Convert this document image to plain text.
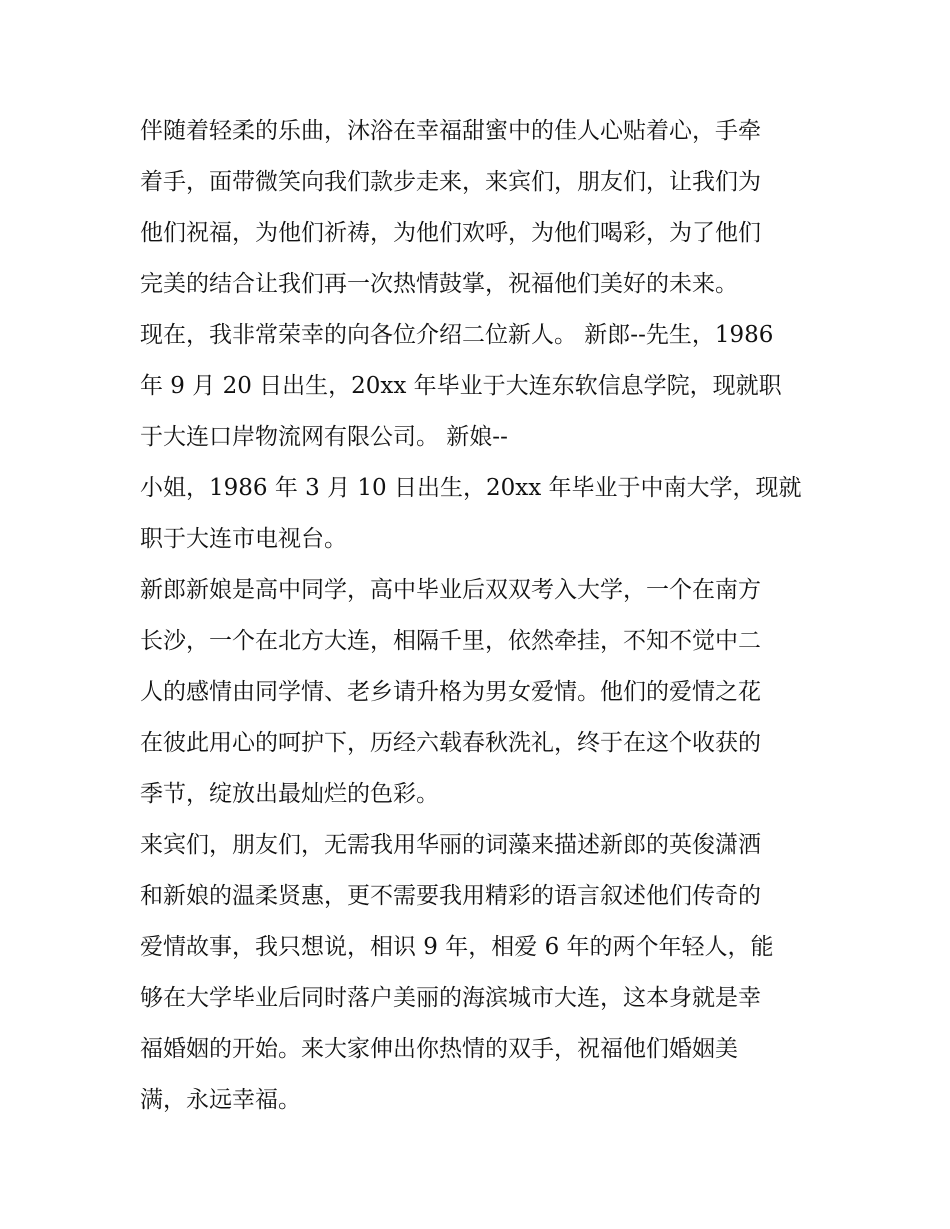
伴随着轻柔的乐曲，沐浴在幸福甜蜜中的佳人心贴着心，手牵
着手，面带微笑向我们款步走来，来宾们，朋友们，让我们为
他们祝福，为他们祈祷，为他们欢呼，为他们喝彩，为了他们
完美的结合让我们再一次热情鼓掌，祝福他们美好的未来。
现在，我非常荣幸的向各位介绍二位新人。 新郎--先生，1986
年 9 月 20 日出生，20xx 年毕业于大连东软信息学院，现就职
于大连口岸物流网有限公司。 新娘--
小姐，1986 年 3 月 10 日出生，20xx 年毕业于中南大学，现就
职于大连市电视台。
新郎新娘是高中同学，高中毕业后双双考入大学，一个在南方
长沙，一个在北方大连，相隔千里，依然牵挂，不知不觉中二
人的感情由同学情、老乡请升格为男女爱情。他们的爱情之花
在彼此用心的呵护下，历经六载春秋洗礼，终于在这个收获的
季节，绽放出最灿烂的色彩。
来宾们，朋友们，无需我用华丽的词藻来描述新郎的英俊潇洒
和新娘的温柔贤惠，更不需要我用精彩的语言叙述他们传奇的
爱情故事，我只想说，相识 9 年，相爱 6 年的两个年轻人，能
够在大学毕业后同时落户美丽的海滨城市大连，这本身就是幸
福婚姻的开始。来大家伸出你热情的双手，祝福他们婚姻美
满，永远幸福。
